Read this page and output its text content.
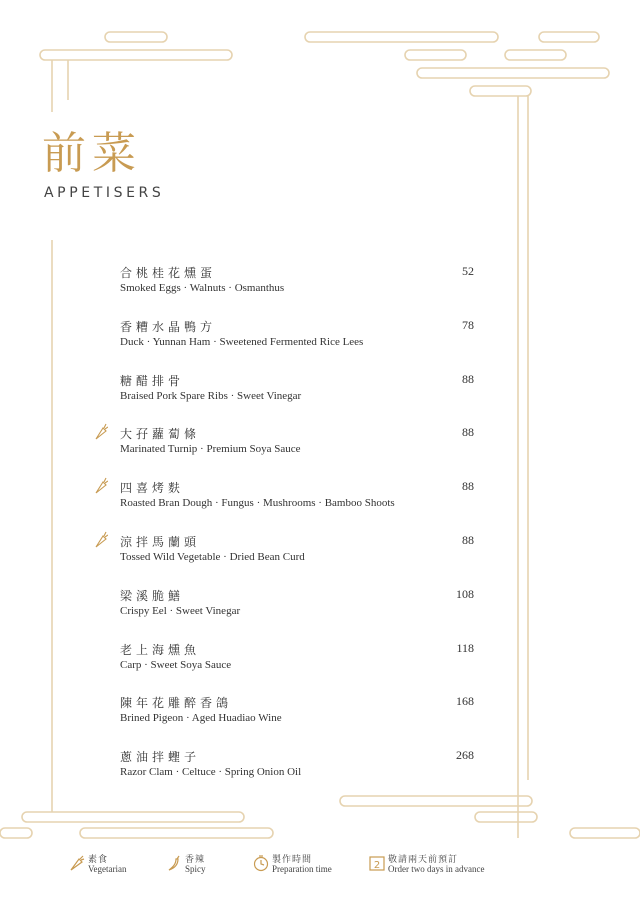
前菜
APPETISERS
合桃桂花燻蛋
Smoked Eggs · Walnuts · Osmanthus
52
香糟水晶鴨方
Duck · Yunnan Ham · Sweetened Fermented Rice Lees
78
糖醋排骨
Braised Pork Spare Ribs · Sweet Vinegar
88
大孖蘿蔔條
Marinated Turnip · Premium Soya Sauce
88
四喜烤麩
Roasted Bran Dough · Fungus · Mushrooms · Bamboo Shoots
88
涼拌馬蘭頭
Tossed Wild Vegetable · Dried Bean Curd
88
梁溪脆鱔
Crispy Eel · Sweet Vinegar
108
老上海燻魚
Carp · Sweet Soya Sauce
118
陳年花雕醉香鴿
Brined Pigeon · Aged Huadiao Wine
168
蔥油拌蟶子
Razor Clam · Celtuce · Spring Onion Oil
268
素食
Vegetarian
香辣
Spicy
製作時間
Preparation time	2
敬請兩天前預訂
Order two days in advance
